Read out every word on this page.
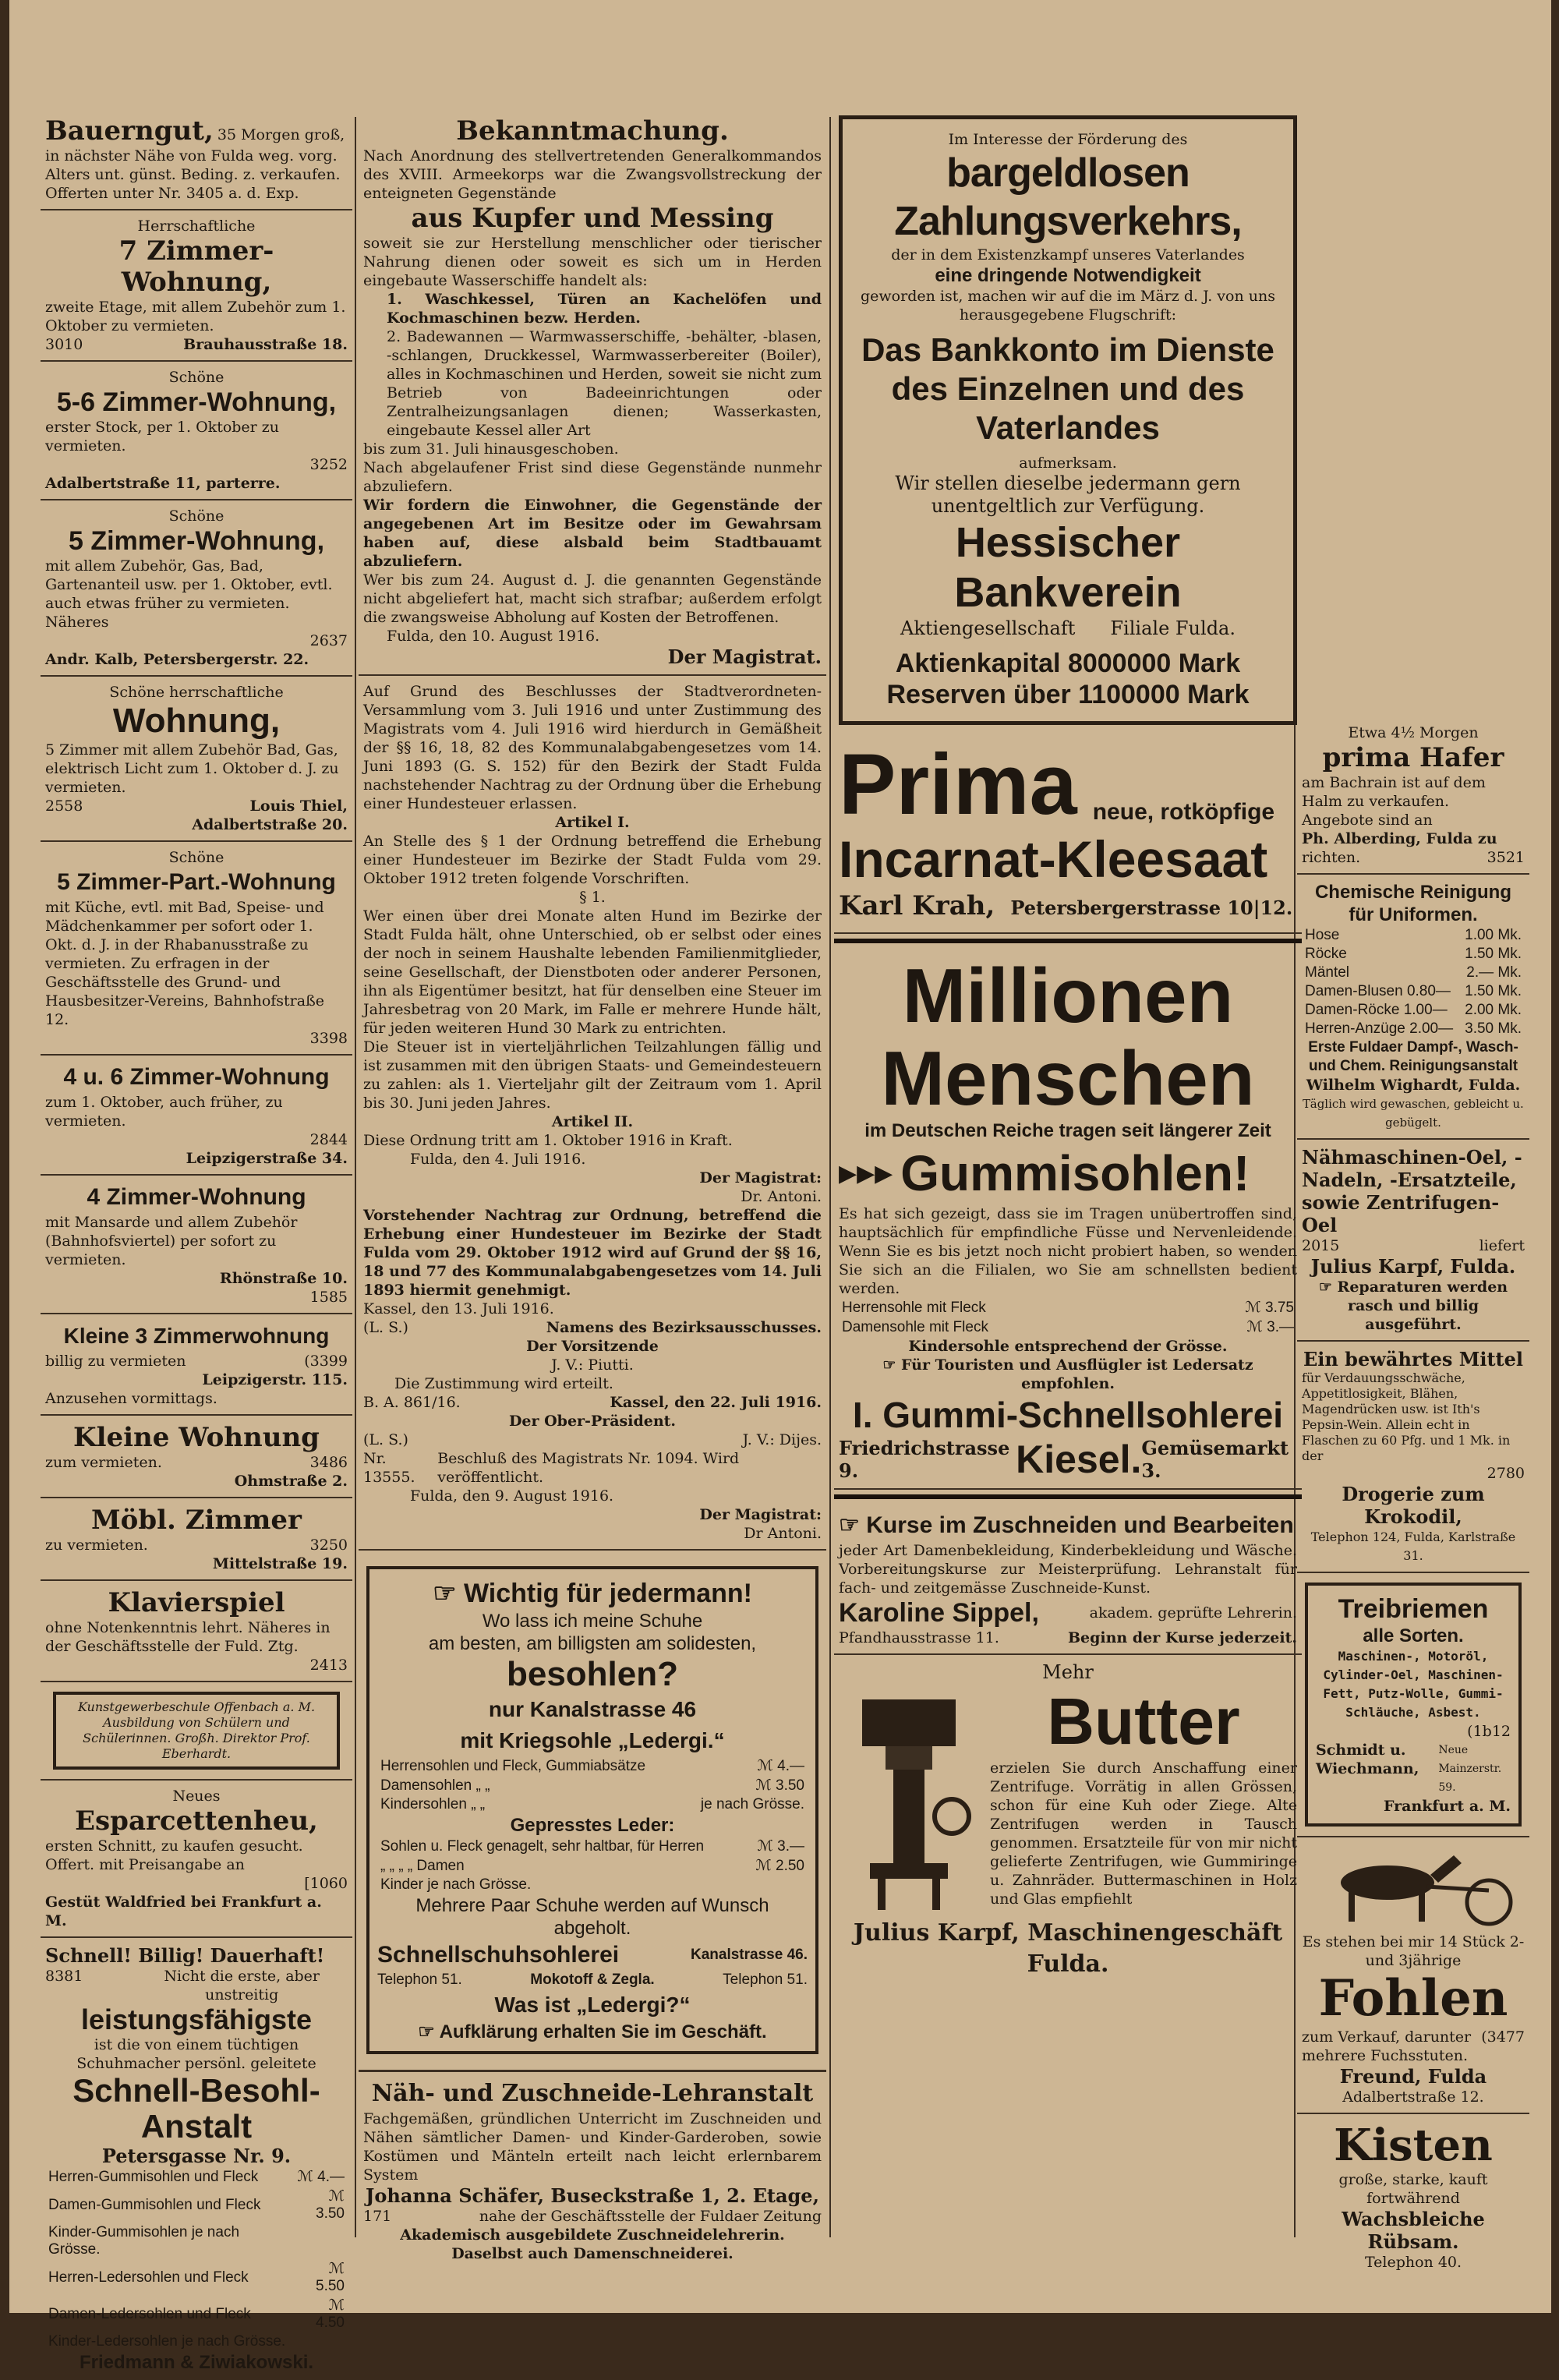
Bauerngut, 35 Morgen groß, in nächster Nähe von Fulda weg. vorg. Alters unt. günst. Beding. z. verkaufen. Offerten unter Nr. 3405 a. d. Exp.
Herrschaftliche
7 Zimmer-Wohnung,
zweite Etage, mit allem Zubehör zum 1. Oktober zu vermieten.
3010	Brauhausstraße 18.
Schöne
5-6 Zimmer-Wohnung,
erster Stock, per 1. Oktober zu vermieten.
3252
Adalbertstraße 11, parterre.
Schöne
5 Zimmer-Wohnung,
mit allem Zubehör, Gas, Bad, Gartenanteil usw. per 1. Oktober, evtl. auch etwas früher zu vermieten. Näheres
2637
Andr. Kalb, Petersbergerstr. 22.
Schöne herrschaftliche
Wohnung,
5 Zimmer mit allem Zubehör Bad, Gas, elektrisch Licht zum 1. Oktober d. J. zu vermieten.
2558	Louis Thiel,
Adalbertstraße 20.
Schöne
5 Zimmer-Part.-Wohnung
mit Küche, evtl. mit Bad, Speise- und Mädchenkammer per sofort oder 1. Okt. d. J. in der Rhabanusstraße zu vermieten. Zu erfragen in der Geschäftsstelle des Grund- und Hausbesitzer-Vereins, Bahnhofstraße 12.
3398
4 u. 6 Zimmer-Wohnung
zum 1. Oktober, auch früher, zu vermieten.
2844
Leipzigerstraße 34.
4 Zimmer-Wohnung
mit Mansarde und allem Zubehör (Bahnhofsviertel) per sofort zu vermieten.
Rhönstraße 10.
1585
Kleine 3 Zimmerwohnung
billig zu vermieten	(3399
Leipzigerstr. 115.
Anzusehen vormittags.
Kleine Wohnung
zum vermieten.	3486
Ohmstraße 2.
Möbl. Zimmer
zu vermieten.	3250
Mittelstraße 19.
Klavierspiel
ohne Notenkenntnis lehrt. Näheres in der Geschäftsstelle der Fuld. Ztg.
2413
Kunstgewerbeschule Offenbach a. M. Ausbildung von Schülern und Schülerinnen. Großh. Direktor Prof. Eberhardt.
Neues
Esparcettenheu,
ersten Schnitt, zu kaufen gesucht. Offert. mit Preisangabe an
[1060
Gestüt Waldfried bei Frankfurt a. M.
Schnell! Billig! Dauerhaft!
8381	Nicht die erste, aber unstreitig
leistungsfähigste
ist die von einem tüchtigen Schuhmacher persönl. geleitete
Schnell-Besohl-Anstalt
Petersgasse Nr. 9.
Herren-Gummisohlen und Fleck	ℳ 4.—
Damen-Gummisohlen und Fleck	ℳ 3.50
Kinder-Gummisohlen je nach Grösse.	
Herren-Ledersohlen und Fleck	ℳ 5.50
Damen-Ledersohlen und Fleck	ℳ 4.50
Kinder-Ledersohlen je nach Grösse.	
Friedmann & Ziwiakowski.
Bekanntmachung.
Nach Anordnung des stellvertretenden Generalkommandos des XVIII. Armeekorps war die Zwangsvollstreckung der enteigneten Gegenstände
aus Kupfer und Messing
soweit sie zur Herstellung menschlicher oder tierischer Nahrung dienen oder soweit es sich um in Herden eingebaute Wasserschiffe handelt als:
1. Waschkessel, Türen an Kachelöfen und Kochmaschinen bezw. Herden.
2. Badewannen — Warmwasserschiffe, -behälter, -blasen, -schlangen, Druckkessel, Warmwasserbereiter (Boiler), alles in Kochmaschinen und Herden, soweit sie nicht zum Betrieb von Badeeinrichtungen oder Zentralheizungsanlagen dienen; Wasserkasten, eingebaute Kessel aller Art
bis zum 31. Juli hinausgeschoben.
Nach abgelaufener Frist sind diese Gegenstände nunmehr abzuliefern.
Wir fordern die Einwohner, die Gegenstände der angegebenen Art im Besitze oder im Gewahrsam haben auf, diese alsbald beim Stadtbauamt abzuliefern.
Wer bis zum 24. August d. J. die genannten Gegenstände nicht abgeliefert hat, macht sich strafbar; außerdem erfolgt die zwangsweise Abholung auf Kosten der Betroffenen.
Fulda, den 10. August 1916.
Der Magistrat.
Auf Grund des Beschlusses der Stadtverordneten-Versammlung vom 3. Juli 1916 und unter Zustimmung des Magistrats vom 4. Juli 1916 wird hierdurch in Gemäßheit der §§ 16, 18, 82 des Kommunalabgabengesetzes vom 14. Juni 1893 (G. S. 152) für den Bezirk der Stadt Fulda nachstehender Nachtrag zu der Ordnung über die Erhebung einer Hundesteuer erlassen.
Artikel I.
An Stelle des § 1 der Ordnung betreffend die Erhebung einer Hundesteuer im Bezirke der Stadt Fulda vom 29. Oktober 1912 treten folgende Vorschriften.
§ 1.
Wer einen über drei Monate alten Hund im Bezirke der Stadt Fulda hält, ohne Unterschied, ob er selbst oder eines der noch in seinem Haushalte lebenden Familienmitglieder, seine Gesellschaft, der Dienstboten oder anderer Personen, ihn als Eigentümer besitzt, hat für denselben eine Steuer im Jahresbetrag von 20 Mark, im Falle er mehrere Hunde hält, für jeden weiteren Hund 30 Mark zu entrichten.
Die Steuer ist in vierteljährlichen Teilzahlungen fällig und ist zusammen mit den übrigen Staats- und Gemeindesteuern zu zahlen: als 1. Vierteljahr gilt der Zeitraum vom 1. April bis 30. Juni jeden Jahres.
Artikel II.
Diese Ordnung tritt am 1. Oktober 1916 in Kraft.
Fulda, den 4. Juli 1916.
Der Magistrat:
Dr. Antoni.
Vorstehender Nachtrag zur Ordnung, betreffend die Erhebung einer Hundesteuer im Bezirke der Stadt Fulda vom 29. Oktober 1912 wird auf Grund der §§ 16, 18 und 77 des Kommunalabgabengesetzes vom 14. Juli 1893 hiermit genehmigt.
Kassel, den 13. Juli 1916.
(L. S.)	Namens des Bezirksausschusses.
Der Vorsitzende
J. V.: Piutti.
Die Zustimmung wird erteilt.
B. A. 861/16.	Kassel, den 22. Juli 1916.
Der Ober-Präsident.
(L. S.)	J. V.: Dijes.
Nr. 13555.
Beschluß des Magistrats Nr. 1094. Wird veröffentlicht.
Fulda, den 9. August 1916.
Der Magistrat:
Dr Antoni.
☞ Wichtig für jedermann!
Wo lass ich meine Schuhe
am besten, am billigsten am solidesten,
besohlen?
nur Kanalstrasse 46
mit Kriegsohle „Ledergi.“
Herrensohlen und Fleck, Gummiabsätze	ℳ 4.—
Damensohlen „ „	ℳ 3.50
Kindersohlen „ „	je nach Grösse.
Gepresstes Leder:
Sohlen u. Fleck genagelt, sehr haltbar, für Herren	ℳ 3.—
„ „ „ „ Damen	ℳ 2.50
Kinder je nach Grösse.	
Mehrere Paar Schuhe werden auf Wunsch abgeholt.
Schnellschuhsohlerei	Kanalstrasse 46.
Telephon 51.	Mokotoff & Zegla.	Telephon 51.
Was ist „Ledergi?“
☞ Aufklärung erhalten Sie im Geschäft.
Näh- und Zuschneide-Lehranstalt
Fachgemäßen, gründlichen Unterricht im Zuschneiden und Nähen sämtlicher Damen- und Kinder-Garderoben, sowie Kostümen und Mänteln erteilt nach leicht erlernbarem System
Johanna Schäfer, Buseckstraße 1, 2. Etage,
171	nahe der Geschäftsstelle der Fuldaer Zeitung
Akademisch ausgebildete Zuschneidelehrerin. Daselbst auch Damenschneiderei.
Im Interesse der Förderung des
bargeldlosen Zahlungsverkehrs,
der in dem Existenzkampf unseres Vaterlandes
eine dringende Notwendigkeit
geworden ist, machen wir auf die im März d. J. von uns herausgegebene Flugschrift:
Das Bankkonto im Dienste des Einzelnen und des Vaterlandes
aufmerksam.
Wir stellen dieselbe jedermann gern unentgeltlich zur Verfügung.
Hessischer Bankverein
Aktiengesellschaft Filiale Fulda.
Aktienkapital 8000000 Mark
Reserven über 1100000 Mark
Prima neue, rotköpfige
Incarnat-Kleesaat
Karl Krah, Petersbergerstrasse 10|12.
Millionen
Menschen
im Deutschen Reiche tragen seit längerer Zeit
▶▶▶ Gummisohlen!
Es hat sich gezeigt, dass sie im Tragen unübertroffen sind, hauptsächlich für empfindliche Füsse und Nervenleidende. Wenn Sie es bis jetzt noch nicht probiert haben, so wenden Sie sich an die Filialen, wo Sie am schnellsten bedient werden.
Herrensohle mit Fleck	ℳ 3.75
Damensohle mit Fleck	ℳ 3.—
Kindersohle entsprechend der Grösse.
☞ Für Touristen und Ausflügler ist Ledersatz empfohlen.
I. Gummi-Schnellsohlerei
Friedrichstrasse 9.	Kiesel. Gemüsemarkt 3.
☞ Kurse im Zuschneiden und Bearbeiten
jeder Art Damenbekleidung, Kinderbekleidung und Wäsche. Vorbereitungskurse zur Meisterprüfung. Lehranstalt für fach- und zeitgemässe Zuschneide-Kunst.
Karoline Sippel,	akadem. geprüfte Lehrerin.
Pfandhausstrasse 11.	Beginn der Kurse jederzeit.
Mehr
Butter
erzielen Sie durch Anschaffung einer Zentrifuge. Vorrätig in allen Grössen, schon für eine Kuh oder Ziege. Alte Zentrifugen werden in Tausch genommen. Ersatzteile für von mir nicht gelieferte Zentrifugen, wie Gummiringe u. Zahnräder. Buttermaschinen in Holz und Glas empfiehlt
Julius Karpf, Maschinengeschäft Fulda.
Etwa 4½ Morgen
prima Hafer
am Bachrain ist auf dem Halm zu verkaufen. Angebote sind an
Ph. Alberding, Fulda zu
richten.	3521
Chemische Reinigung für Uniformen.
Hose	1.00 Mk.
Röcke	1.50 Mk.
Mäntel	2.— Mk.
Damen-Blusen 0.80—	1.50 Mk.
Damen-Röcke 1.00—	2.00 Mk.
Herren-Anzüge 2.00—	3.50 Mk.
Erste Fuldaer Dampf-, Wasch- und Chem. Reinigungsanstalt
Wilhelm Wighardt, Fulda.
Täglich wird gewaschen, gebleicht u. gebügelt.
Nähmaschinen-Oel, -Nadeln, -Ersatzteile, sowie Zentrifugen-Oel
2015	liefert
Julius Karpf, Fulda.
☞ Reparaturen werden rasch und billig ausgeführt.
Ein bewährtes Mittel
für Verdauungsschwäche, Appetitlosigkeit, Blähen, Magendrücken usw. ist Ith's Pepsin-Wein. Allein echt in Flaschen zu 60 Pfg. und 1 Mk. in der
2780
Drogerie zum Krokodil,
Telephon 124, Fulda, Karlstraße 31.
Treibriemen
alle Sorten.
Maschinen-, Motoröl, Cylinder-Oel, Maschinen-Fett, Putz-Wolle, Gummi-Schläuche, Asbest.
(1b12
Schmidt u. Wiechmann,
Neue Mainzerstr. 59.
Frankfurt a. M.
Es stehen bei mir 14 Stück 2- und 3jährige
Fohlen
zum Verkauf, darunter mehrere Fuchsstuten.
(3477
Freund, Fulda
Adalbertstraße 12.
Kisten
große, starke, kauft fortwährend
Wachsbleiche Rübsam.
Telephon 40.
